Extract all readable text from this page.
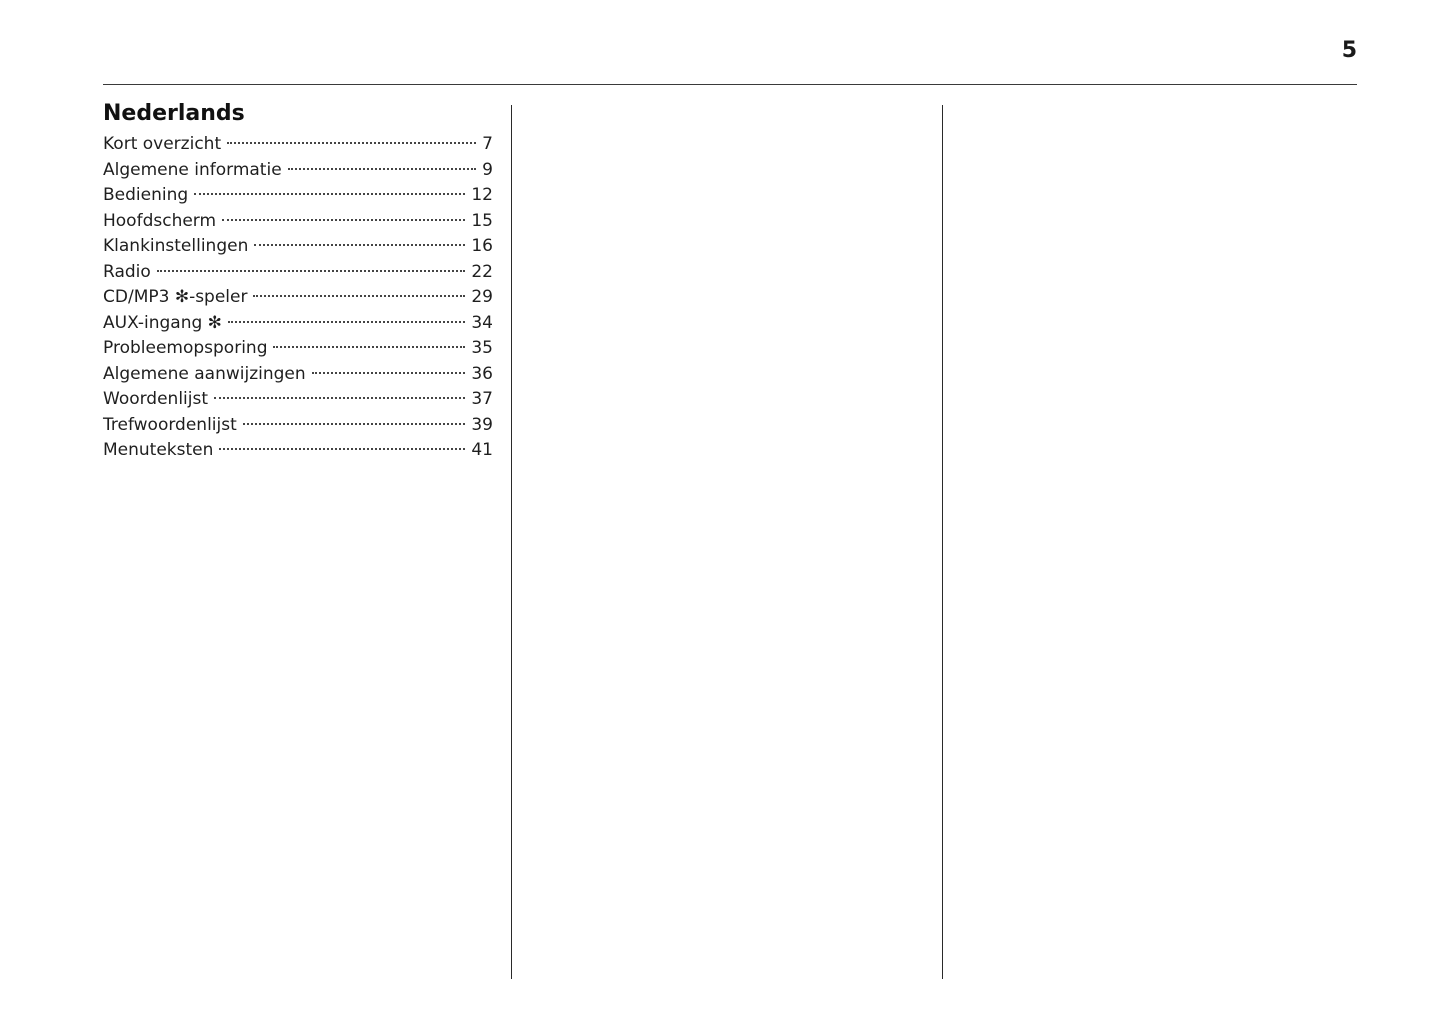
5
Nederlands
Kort overzicht	7
Algemene informatie	9
Bediening	12
Hoofdscherm	15
Klankinstellingen	16
Radio	22
CD/MP3 ✻-speler	29
AUX-ingang ✻	34
Probleemopsporing	35
Algemene aanwijzingen	36
Woordenlijst	37
Trefwoordenlijst	39
Menuteksten	41
